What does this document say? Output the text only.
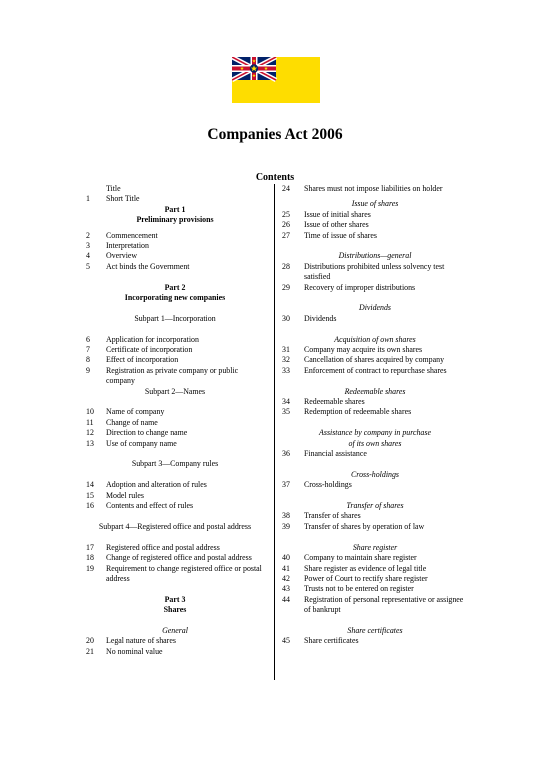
Companies Act 2006
Contents
Title
1	Short Title
Part 1
Preliminary provisions
2	Commencement
3	Interpretation
4	Overview
5	Act binds the Government
Part 2
Incorporating new companies
Subpart 1—Incorporation
6	Application for incorporation
7	Certificate of incorporation
8	Effect of incorporation
9	Registration as private company or public company
Subpart 2—Names
10	Name of company
11	Change of name
12	Direction to change name
13	Use of company name
Subpart 3—Company rules
14	Adoption and alteration of rules
15	Model rules
16	Contents and effect of rules
Subpart 4—Registered office and postal address
17	Registered office and postal address
18	Change of registered office and postal address
19	Requirement to change registered office or postal address
Part 3
Shares
General
20	Legal nature of shares
21	No nominal value
24	Shares must not impose liabilities on holder
Issue of shares
25	Issue of initial shares
26	Issue of other shares
27	Time of issue of shares
Distributions—general
28	Distributions prohibited unless solvency test satisfied
29	Recovery of improper distributions
Dividends
30	Dividends
Acquisition of own shares
31	Company may acquire its own shares
32	Cancellation of shares acquired by company
33	Enforcement of contract to repurchase shares
Redeemable shares
34	Redeemable shares
35	Redemption of redeemable shares
Assistance by company in purchase
of its own shares
36	Financial assistance
Cross-holdings
37	Cross-holdings
Transfer of shares
38	Transfer of shares
39	Transfer of shares by operation of law
Share register
40	Company to maintain share register
41	Share register as evidence of legal title
42	Power of Court to rectify share register
43	Trusts not to be entered on register
44	Registration of personal representative or assignee of bankrupt
Share certificates
45	Share certificates
